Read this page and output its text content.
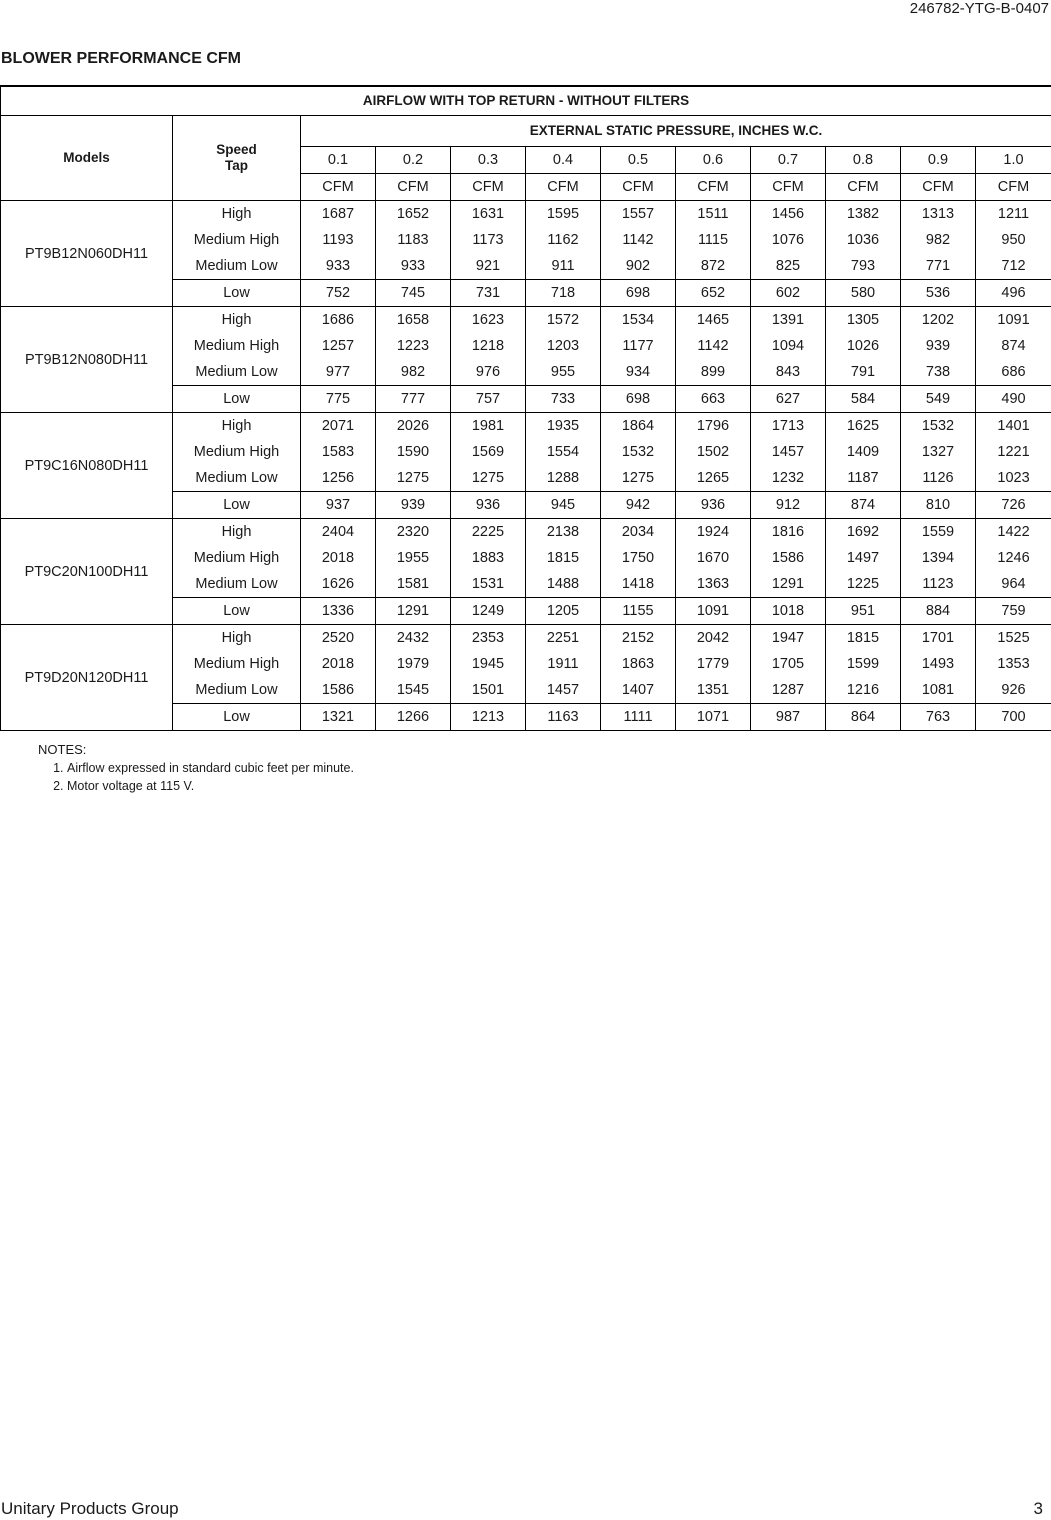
246782-YTG-B-0407
BLOWER PERFORMANCE CFM
AIRFLOW WITH TOP RETURN - WITHOUT FILTERS											
Models	Speed
Tap	EXTERNAL STATIC PRESSURE, INCHES W.C.									
		0.1	0.2	0.3	0.4	0.5	0.6	0.7	0.8	0.9	1.0
		CFM	CFM	CFM	CFM	CFM	CFM	CFM	CFM	CFM	CFM
PT9B12N060DH11	High	1687	1652	1631	1595	1557	1511	1456	1382	1313	1211
	Medium High	1193	1183	1173	1162	1142	1115	1076	1036	982	950
	Medium Low	933	933	921	911	902	872	825	793	771	712
	Low	752	745	731	718	698	652	602	580	536	496
PT9B12N080DH11	High	1686	1658	1623	1572	1534	1465	1391	1305	1202	1091
	Medium High	1257	1223	1218	1203	1177	1142	1094	1026	939	874
	Medium Low	977	982	976	955	934	899	843	791	738	686
	Low	775	777	757	733	698	663	627	584	549	490
PT9C16N080DH11	High	2071	2026	1981	1935	1864	1796	1713	1625	1532	1401
	Medium High	1583	1590	1569	1554	1532	1502	1457	1409	1327	1221
	Medium Low	1256	1275	1275	1288	1275	1265	1232	1187	1126	1023
	Low	937	939	936	945	942	936	912	874	810	726
PT9C20N100DH11	High	2404	2320	2225	2138	2034	1924	1816	1692	1559	1422
	Medium High	2018	1955	1883	1815	1750	1670	1586	1497	1394	1246
	Medium Low	1626	1581	1531	1488	1418	1363	1291	1225	1123	964
	Low	1336	1291	1249	1205	1155	1091	1018	951	884	759
PT9D20N120DH11	High	2520	2432	2353	2251	2152	2042	1947	1815	1701	1525
	Medium High	2018	1979	1945	1911	1863	1779	1705	1599	1493	1353
	Medium Low	1586	1545	1501	1457	1407	1351	1287	1216	1081	926
	Low	1321	1266	1213	1163	1111	1071	987	864	763	700
NOTES:
1. Airflow expressed in standard cubic feet per minute.
2. Motor voltage at 115 V.
Unitary Products Group	3
